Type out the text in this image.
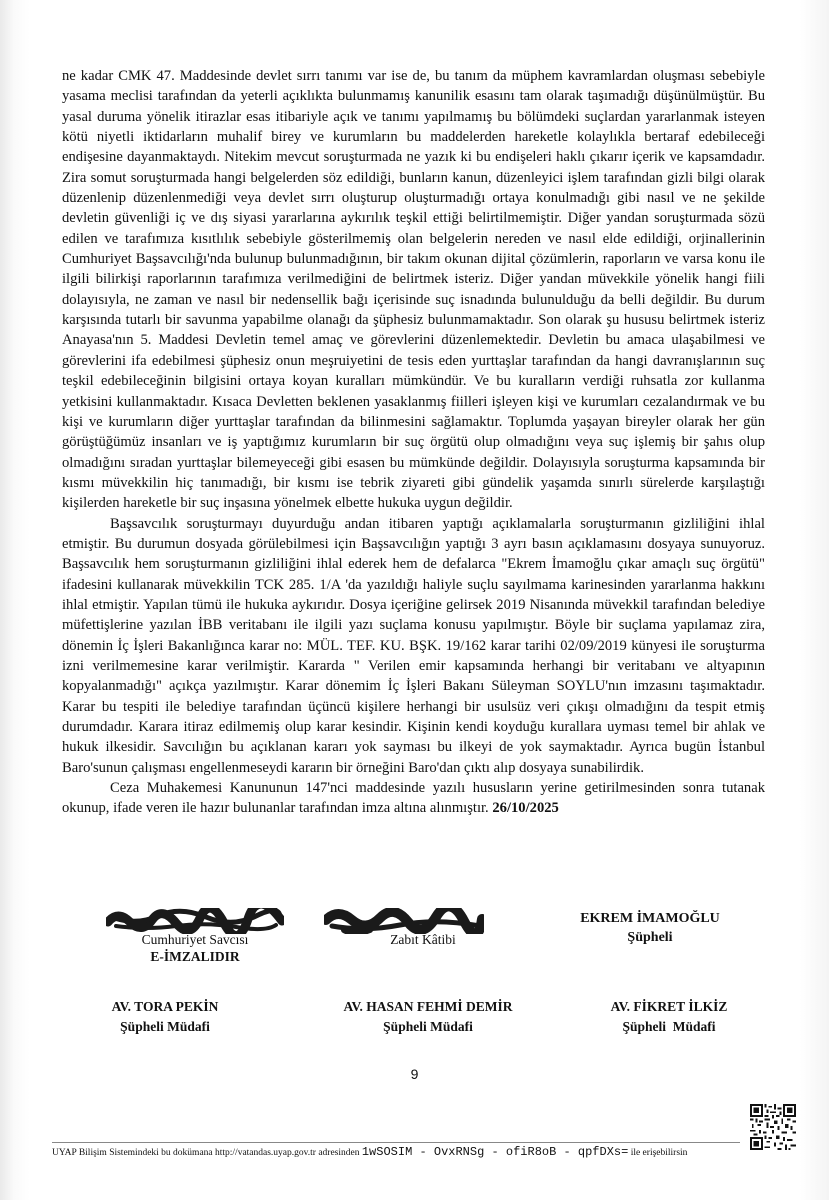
ne kadar CMK 47. Maddesinde devlet sırrı tanımı var ise de, bu tanım da müphem kavramlardan oluşması sebebiyle yasama meclisi tarafından da yeterli açıklıkta bulunmamış kanunilik esasını tam olarak taşımadığı düşünülmüştür. Bu yasal duruma yönelik itirazlar esas itibariyle açık ve tanımı yapılmamış bu bölümdeki suçlardan yararlanmak isteyen kötü niyetli iktidarların muhalif birey ve kurumların bu maddelerden hareketle kolaylıkla bertaraf edebileceği endişesine dayanmaktaydı. Nitekim mevcut soruşturmada ne yazık ki bu endişeleri haklı çıkarır içerik ve kapsamdadır. Zira somut soruşturmada hangi belgelerden söz edildiği, bunların kanun, düzenleyici işlem tarafından gizli bilgi olarak düzenlenip düzenlenmediği veya devlet sırrı oluşturup oluşturmadığı ortaya konulmadığı gibi nasıl ve ne şekilde devletin güvenliği iç ve dış siyasi yararlarına aykırılık teşkil ettiği belirtilmemiştir. Diğer yandan soruşturmada sözü edilen ve tarafımıza kısıtlılık sebebiyle gösterilmemiş olan belgelerin nereden ve nasıl elde edildiği, orjinallerinin Cumhuriyet Başsavcılığı'nda bulunup bulunmadığının, bir takım okunan dijital çözümlerin, raporların ve varsa konu ile ilgili bilirkişi raporlarının tarafımıza verilmediğini de belirtmek isteriz. Diğer yandan müvekkile yönelik hangi fiili dolayısıyla, ne zaman ve nasıl bir nedensellik bağı içerisinde suç isnadında bulunulduğu da belli değildir. Bu durum karşısında tutarlı bir savunma yapabilme olanağı da şüphesiz bulunmamaktadır. Son olarak şu hususu belirtmek isteriz Anayasa'nın 5. Maddesi Devletin temel amaç ve görevlerini düzenlemektedir. Devletin bu amaca ulaşabilmesi ve görevlerini ifa edebilmesi şüphesiz onun meşruiyetini de tesis eden yurttaşlar tarafından da hangi davranışlarının suç teşkil edebileceğinin bilgisini ortaya koyan kuralları mümkündür. Ve bu kuralların verdiği ruhsatla zor kullanma yetkisini kullanmaktadır. Kısaca Devletten beklenen yasaklanmış fiilleri işleyen kişi ve kurumları cezalandırmak ve bu kişi ve kurumların diğer yurttaşlar tarafından da bilinmesini sağlamaktır. Toplumda yaşayan bireyler olarak her gün görüştüğümüz insanları ve iş yaptığımız kurumların bir suç örgütü olup olmadığını veya suç işlemiş bir şahıs olup olmadığını sıradan yurttaşlar bilemeyeceği gibi esasen bu mümkünde değildir. Dolayısıyla soruşturma kapsamında bir kısmı müvekkilin hiç tanımadığı, bir kısmı ise tebrik ziyareti gibi gündelik yaşamda sınırlı sürelerde karşılaştığı kişilerden hareketle bir suç inşasına yönelmek elbette hukuka uygun değildir.

Başsavcılık soruşturmayı duyurduğu andan itibaren yaptığı açıklamalarla soruşturmanın gizliliğini ihlal etmiştir. Bu durumun dosyada görülebilmesi için Başsavcılığın yaptığı 3 ayrı basın açıklamasını dosyaya sunuyoruz. Başsavcılık hem soruşturmanın gizliliğini ihlal ederek hem de defalarca "Ekrem İmamoğlu çıkar amaçlı suç örgütü" ifadesini kullanarak müvekkilin TCK 285. 1/A 'da yazıldığı haliyle suçlu sayılmama karinesinden yararlanma hakkını ihlal etmiştir. Yapılan tümü ile hukuka aykırıdır. Dosya içeriğine gelirsek 2019 Nisanında müvekkil tarafından belediye müfettişlerine yazılan İBB veritabanı ile ilgili yazı suçlama konusu yapılmıştır. Böyle bir suçlama yapılamaz zira, dönemin İç İşleri Bakanlığınca karar no: MÜL. TEF. KU. BŞK. 19/162 karar tarihi 02/09/2019 künyesi ile soruşturma izni verilmemesine karar verilmiştir. Kararda " Verilen emir kapsamında herhangi bir veritabanı ve altyapının kopyalanmadığı" açıkça yazılmıştır. Karar dönemim İç İşleri Bakanı Süleyman SOYLU'nın imzasını taşımaktadır. Karar bu tespiti ile belediye tarafından üçüncü kişilere herhangi bir usulsüz veri çıkışı olmadığını da tespit etmiş durumdadır. Karara itiraz edilmemiş olup karar kesindir. Kişinin kendi koyduğu kurallara uyması temel bir ahlak ve hukuk ilkesidir. Savcılığın bu açıklanan kararı yok sayması bu ilkeyi de yok saymaktadır. Ayrıca bugün İstanbul Baro'sunun çalışması engellenmeseydi kararın bir örneğini Baro'dan çıktı alıp dosyaya sunabilirdik.

Ceza Muhakemesi Kanununun 147'nci maddesinde yazılı hususların yerine getirilmesinden sonra tutanak okunup, ifade veren ile hazır bulunanlar tarafından imza altına alınmıştır. 26/10/2025

Cumhuriyet Savcısı
E-İMZALIDIR
Zabıt Kâtibi
EKREM İMAMOĞLU
Şüpheli
AV. TORA PEKİN
Şüpheli Müdafi
AV. HASAN FEHMİ DEMİR
Şüpheli Müdafi
AV. FİKRET İLKİZ
Şüpheli  Müdafi
9
UYAP Bilişim Sistemindeki bu dokümana http://vatandas.uyap.gov.tr adresinden 1wSOSIM - OvxRNSg - ofiR8oB - qpfDXs= ile erişebilirsin
